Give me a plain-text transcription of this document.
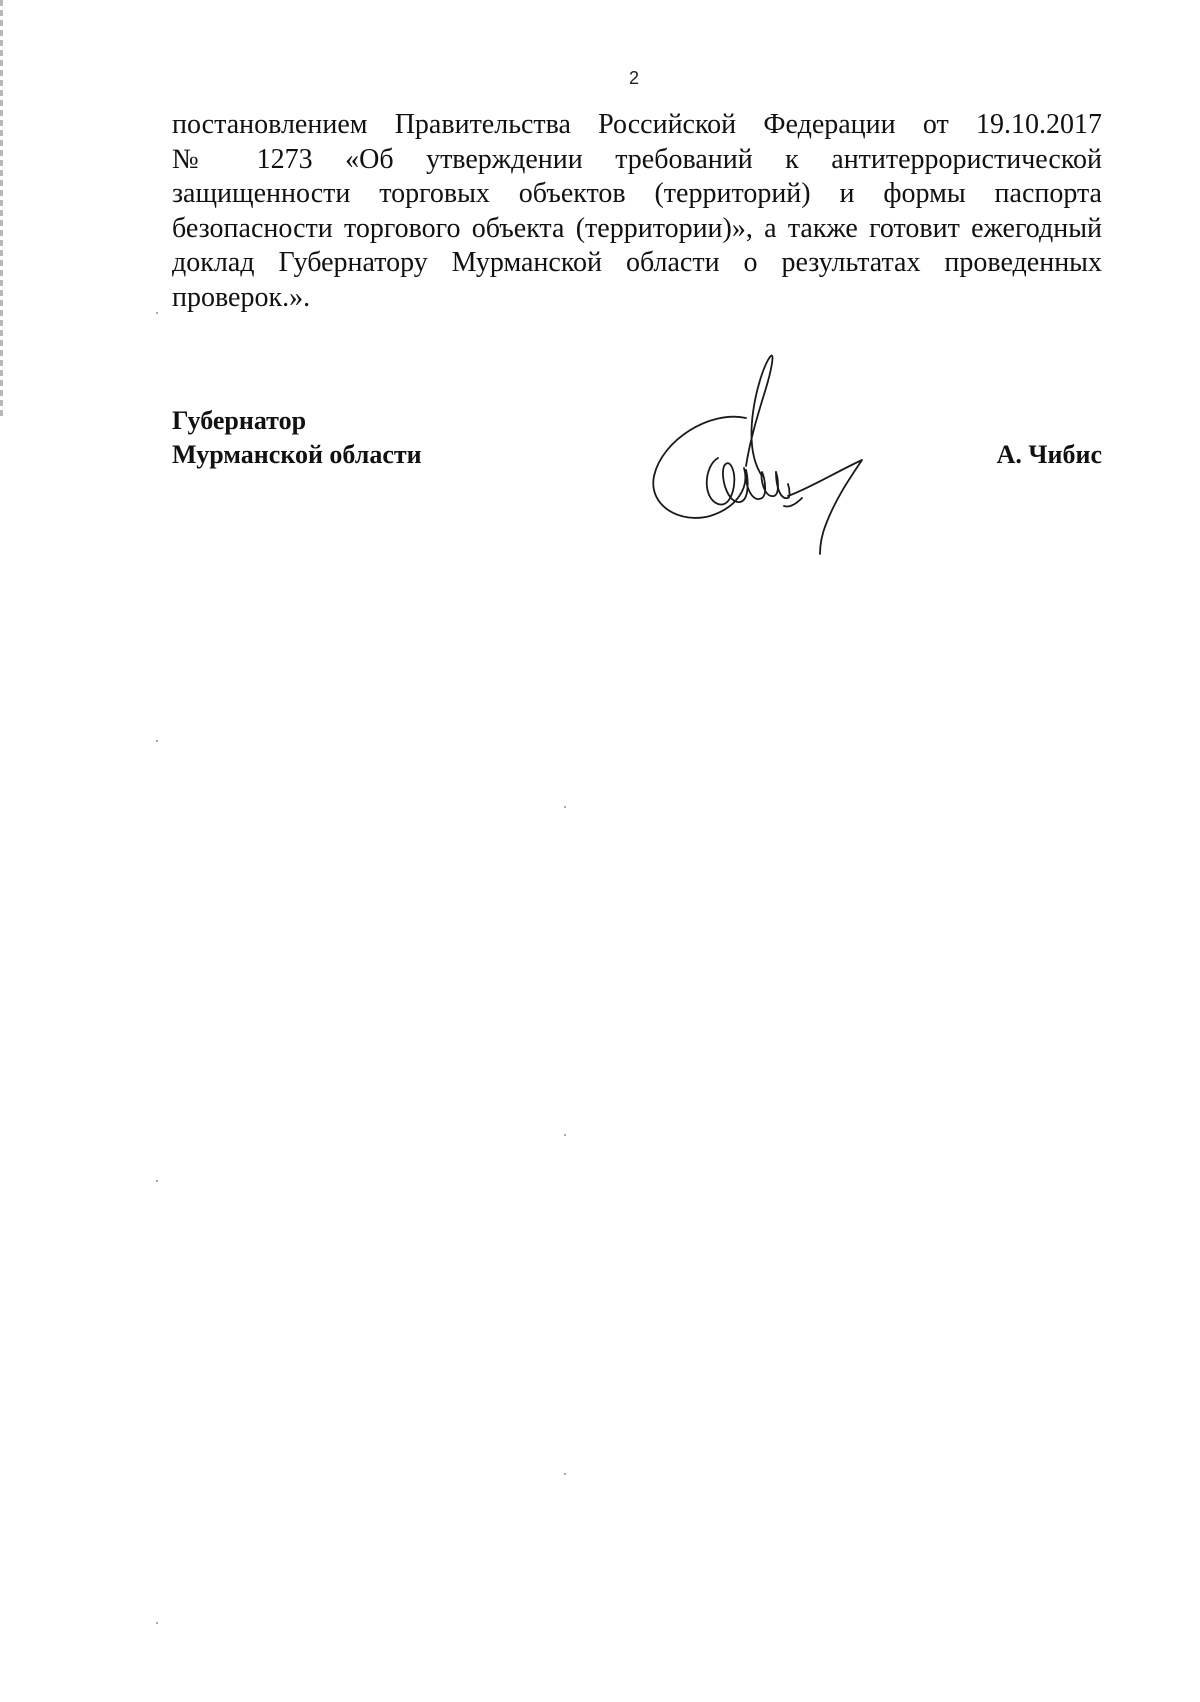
2
постановлением Правительства Российской Федерации от 19.10.2017
№ 1273 «Об утверждении требований к антитеррористической
защищенности торговых объектов (территорий) и формы паспорта
безопасности торгового объекта (территории)», а также готовит ежегодный
доклад Губернатору Мурманской области о результатах проведенных
проверок.».
Губернатор
Мурманской области	А. Чибис
